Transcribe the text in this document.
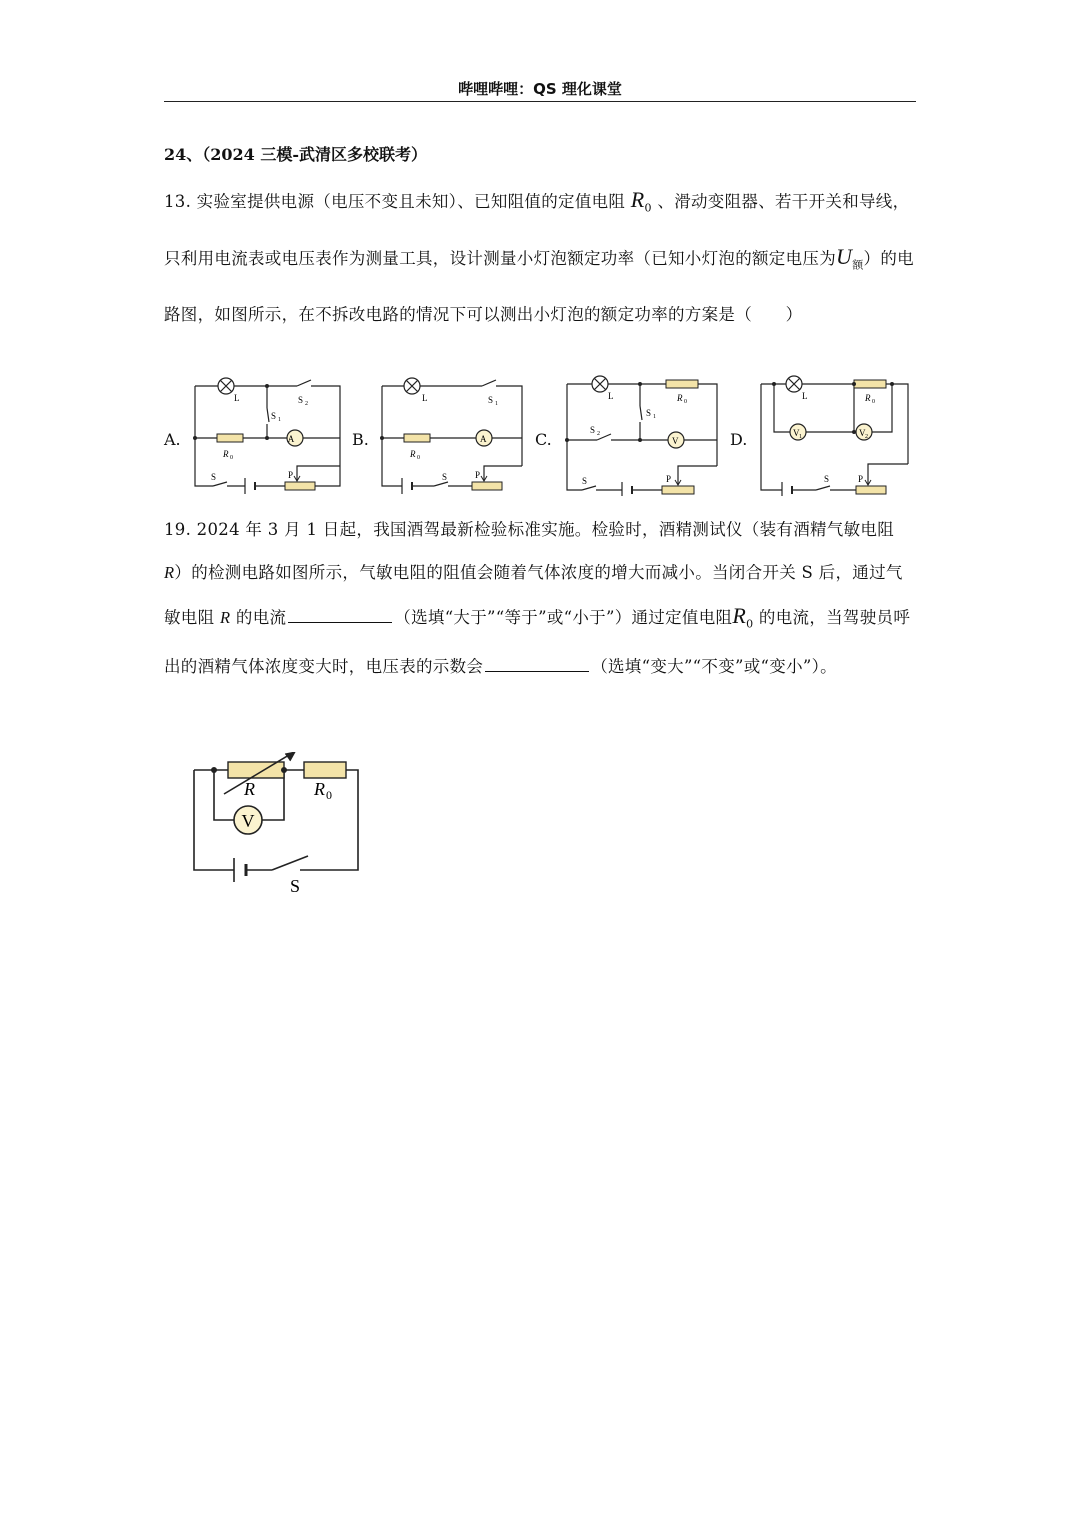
哔哩哔哩：QS 理化课堂
24、（2024 三模-武清区多校联考）
13. 实验室提供电源（电压不变且未知）、已知阻值的定值电阻 $R_0$ 、滑动变阻器、若干开关和导线，只利用电流表或电压表作为测量工具，设计测量小灯泡额定功率（已知小灯泡的额定电压为$U_额$）的电路图，如图所示，在不拆改电路的情况下可以测出小灯泡的额定功率的方案是（　　）
A.	B.	C.	D.
A
L	S 2
S 1
R 0
S	P
A
L	S 1
R 0
S	P
V
L	R 0
S 1
S 2
S	P
V 1	V 2
L	R 0
S	P
19. 2024 年 3 月 1 日起，我国酒驾最新检验标准实施。检验时，酒精测试仪（装有酒精气敏电阻 R）的检测电路如图所示，气敏电阻的阻值会随着气体浓度的增大而减小。当闭合开关 S 后，通过气敏电阻 R 的电流	（选填“大于”“等于”或“小于”）通过定值电阻$R_0$ 的电流，当驾驶员呼出的酒精气体浓度变大时，电压表的示数会	（选填“变大”“不变”或“变小”）。
V
R	R 0
S
